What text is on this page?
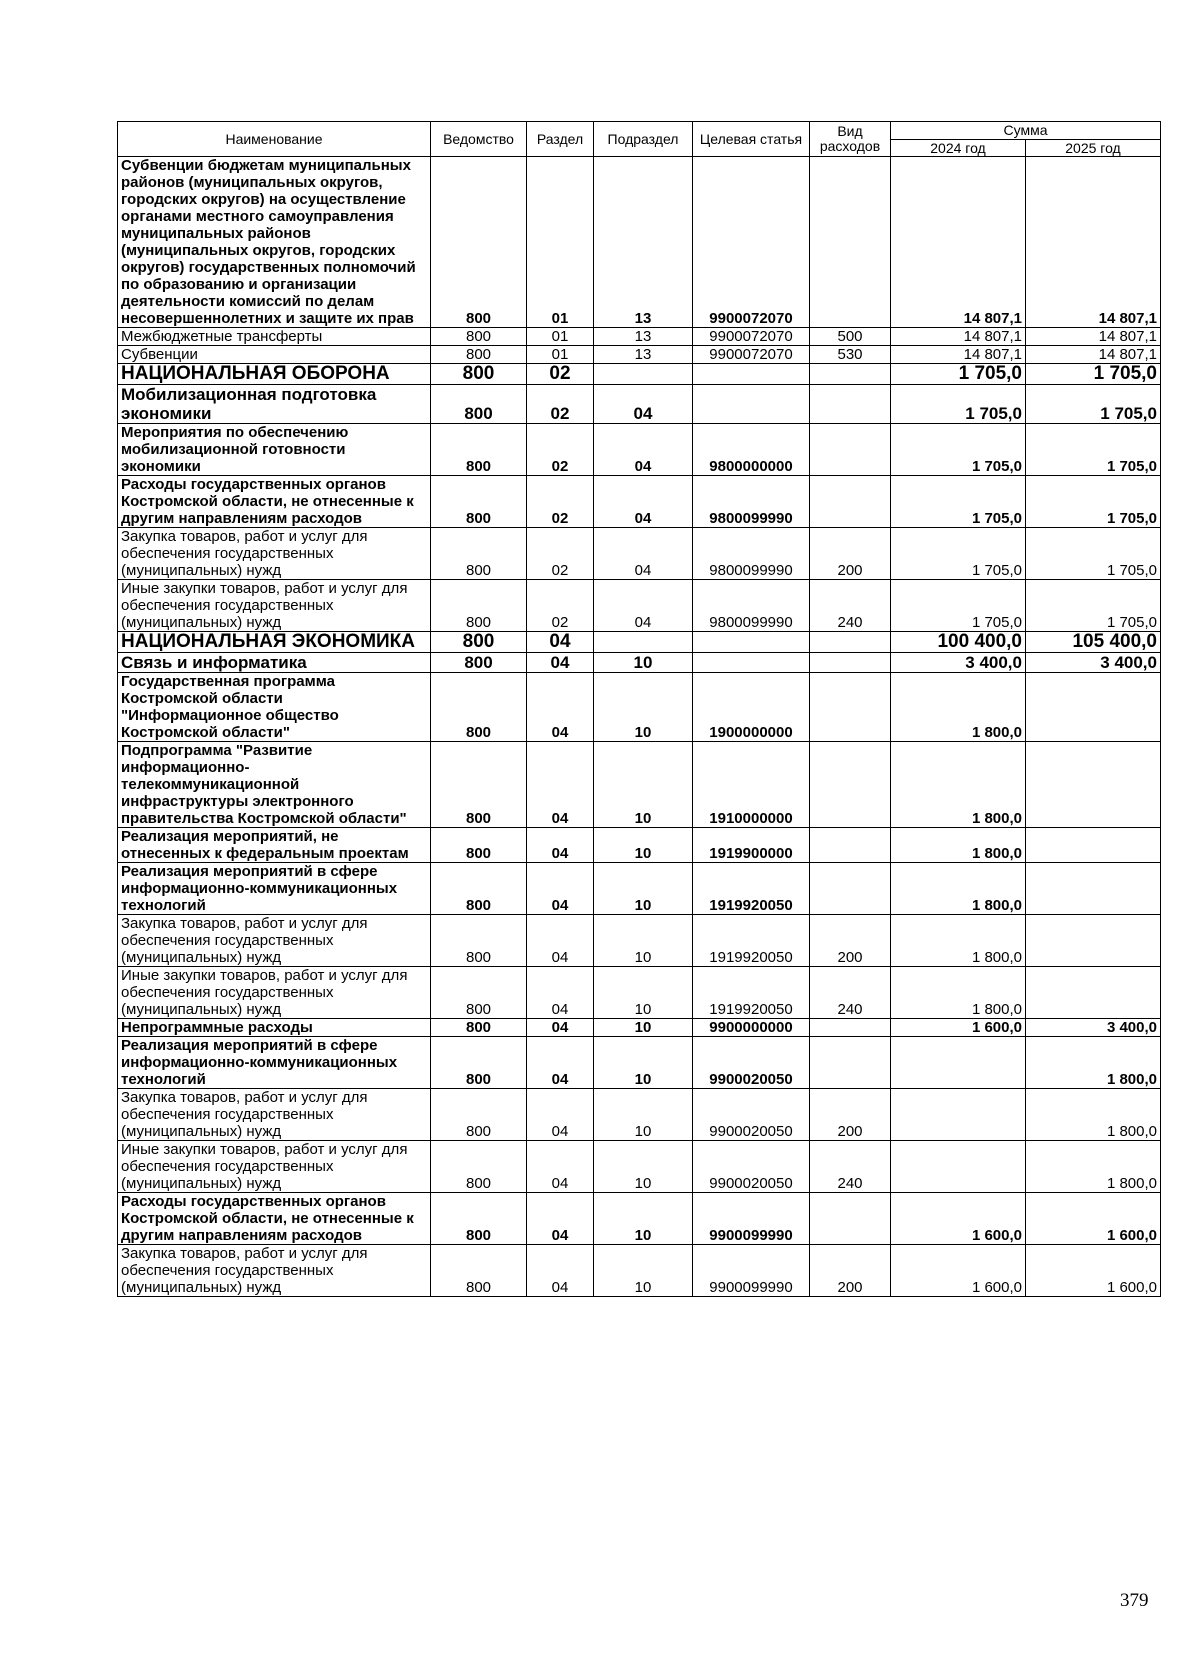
Наименование	Ведомство	Раздел	Подраздел	Целевая статья	Вид расходов	Сумма	
						2024 год	2025 год
Субвенции бюджетам муниципальных районов (муниципальных округов, городских округов) на осуществление органами местного самоуправления муниципальных районов (муниципальных округов, городских округов) государственных полномочий по образованию и организации деятельности комиссий по делам несовершеннолетних и защите их прав	800	01	13	9900072070		14 807,1	14 807,1
Межбюджетные трансферты	800	01	13	9900072070	500	14 807,1	14 807,1
Субвенции	800	01	13	9900072070	530	14 807,1	14 807,1
НАЦИОНАЛЬНАЯ ОБОРОНА	800	02				1 705,0	1 705,0
Мобилизационная подготовка экономики	800	02	04			1 705,0	1 705,0
Мероприятия по обеспечению мобилизационной готовности экономики	800	02	04	9800000000		1 705,0	1 705,0
Расходы государственных органов Костромской области, не отнесенные к другим направлениям расходов	800	02	04	9800099990		1 705,0	1 705,0
Закупка товаров, работ и услуг для обеспечения государственных (муниципальных) нужд	800	02	04	9800099990	200	1 705,0	1 705,0
Иные закупки товаров, работ и услуг для обеспечения государственных (муниципальных) нужд	800	02	04	9800099990	240	1 705,0	1 705,0
НАЦИОНАЛЬНАЯ ЭКОНОМИКА	800	04				100 400,0	105 400,0
Связь и информатика	800	04	10			3 400,0	3 400,0
Государственная программа Костромской области "Информационное общество Костромской области"	800	04	10	1900000000		1 800,0	
Подпрограмма "Развитие информационно-телекоммуникационной инфраструктуры электронного правительства Костромской области"	800	04	10	1910000000		1 800,0	
Реализация мероприятий, не отнесенных к федеральным проектам	800	04	10	1919900000		1 800,0	
Реализация мероприятий в сфере информационно-коммуникационных технологий	800	04	10	1919920050		1 800,0	
Закупка товаров, работ и услуг для обеспечения государственных (муниципальных) нужд	800	04	10	1919920050	200	1 800,0	
Иные закупки товаров, работ и услуг для обеспечения государственных (муниципальных) нужд	800	04	10	1919920050	240	1 800,0	
Непрограммные расходы	800	04	10	9900000000		1 600,0	3 400,0
Реализация мероприятий в сфере информационно-коммуникационных технологий	800	04	10	9900020050			1 800,0
Закупка товаров, работ и услуг для обеспечения государственных (муниципальных) нужд	800	04	10	9900020050	200		1 800,0
Иные закупки товаров, работ и услуг для обеспечения государственных (муниципальных) нужд	800	04	10	9900020050	240		1 800,0
Расходы государственных органов Костромской области, не отнесенные к другим направлениям расходов	800	04	10	9900099990		1 600,0	1 600,0
Закупка товаров, работ и услуг для обеспечения государственных (муниципальных) нужд	800	04	10	9900099990	200	1 600,0	1 600,0
379
